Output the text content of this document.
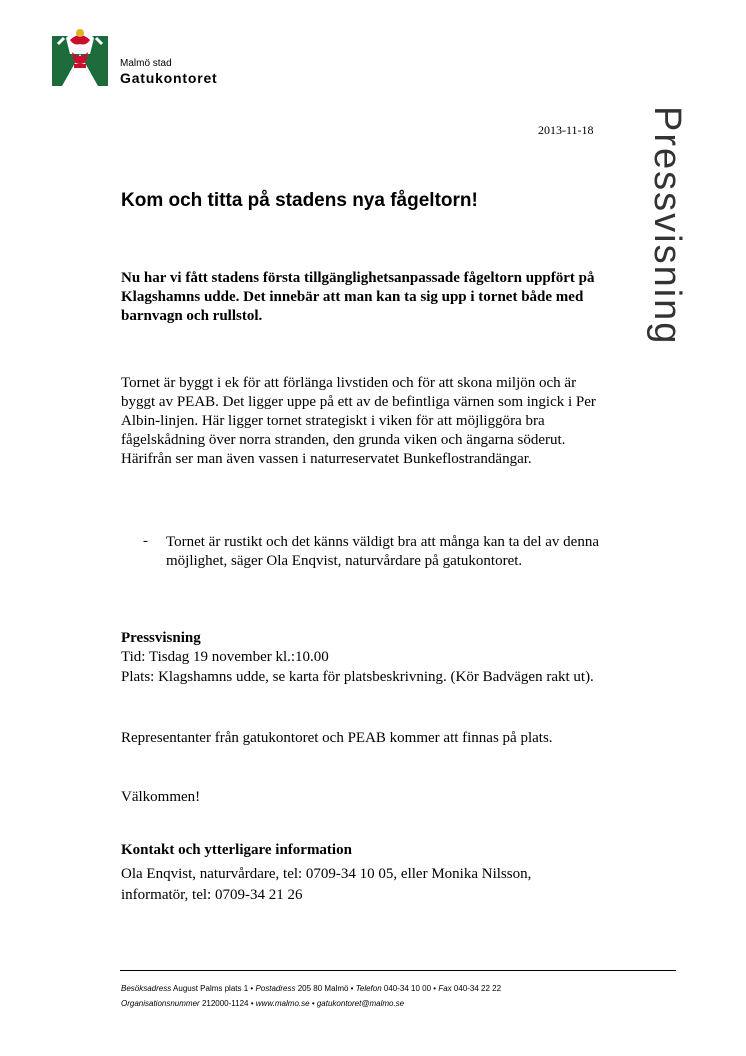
Malmö stad
Gatukontoret
Pressvisning
2013-11-18
Kom och titta på stadens nya fågeltorn!
Nu har vi fått stadens första tillgänglighetsanpassade fågeltorn uppfört på Klagshamns udde. Det innebär att man kan ta sig upp i tornet både med barnvagn och rullstol.
Tornet är byggt i ek för att förlänga livstiden och för att skona miljön och är byggt av PEAB. Det ligger uppe på ett av de befintliga värnen som ingick i Per Albin-linjen. Här ligger tornet strategiskt i viken för att möjliggöra bra fågelskådning över norra stranden, den grunda viken och ängarna söderut. Härifrån ser man även vassen i naturreservatet Bunkeflostrandängar.
- Tornet är rustikt och det känns väldigt bra att många kan ta del av denna möjlighet, säger Ola Enqvist, naturvårdare på gatukontoret.
Pressvisning
Tid: Tisdag 19 november kl.:10.00
Plats: Klagshamns udde, se karta för platsbeskrivning. (Kör Badvägen rakt ut).
Representanter från gatukontoret och PEAB kommer att finnas på plats.
Välkommen!
Kontakt och ytterligare information
Ola Enqvist, naturvårdare, tel: 0709-34 10 05, eller Monika Nilsson, informatör, tel: 0709-34 21 26
Besöksadress August Palms plats 1 • Postadress 205 80 Malmö • Telefon 040-34 10 00 • Fax 040-34 22 22
Organisationsnummer 212000-1124 • www.malmo.se • gatukontoret@malmo.se
